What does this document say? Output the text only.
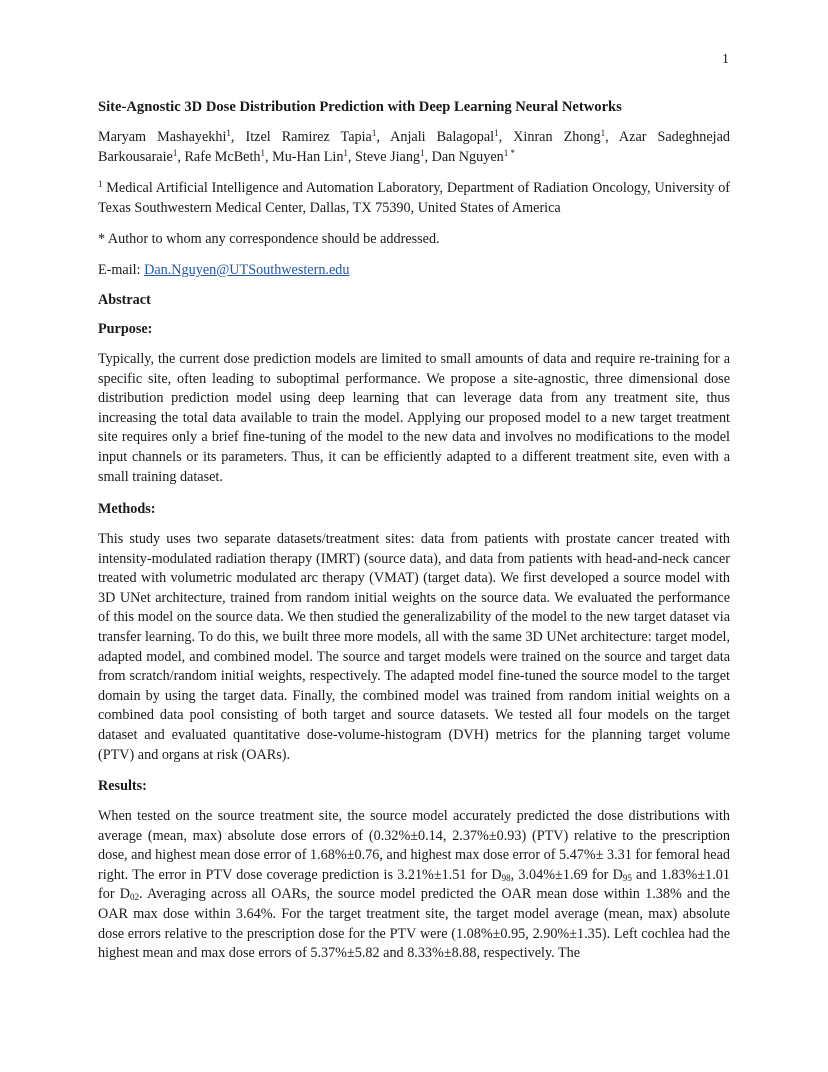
1

Site-Agnostic 3D Dose Distribution Prediction with Deep Learning Neural Networks

Maryam Mashayekhi$^1$, Itzel Ramirez Tapia$^1$, Anjali Balagopal$^1$, Xinran Zhong$^1$, Azar Sadeghnejad Barkousaraie$^1$, Rafe McBeth$^1$, Mu-Han Lin$^1$, Steve Jiang$^1$, Dan Nguyen$^{1 *}$

$^1$ Medical Artificial Intelligence and Automation Laboratory, Department of Radiation Oncology, University of Texas Southwestern Medical Center, Dallas, TX 75390, United States of America

* Author to whom any correspondence should be addressed.

E-mail: Dan.Nguyen@UTSouthwestern.edu

Abstract

Purpose:

Typically, the current dose prediction models are limited to small amounts of data and require re-training for a specific site, often leading to suboptimal performance. We propose a site-agnostic, three dimensional dose distribution prediction model using deep learning that can leverage data from any treatment site, thus increasing the total data available to train the model. Applying our proposed model to a new target treatment site requires only a brief fine-tuning of the model to the new data and involves no modifications to the model input channels or its parameters. Thus, it can be efficiently adapted to a different treatment site, even with a small training dataset.

Methods:

This study uses two separate datasets/treatment sites: data from patients with prostate cancer treated with intensity-modulated radiation therapy (IMRT) (source data), and data from patients with head-and-neck cancer treated with volumetric modulated arc therapy (VMAT) (target data). We first developed a source model with 3D UNet architecture, trained from random initial weights on the source data. We evaluated the performance of this model on the source data. We then studied the generalizability of the model to the new target dataset via transfer learning. To do this, we built three more models, all with the same 3D UNet architecture: target model, adapted model, and combined model. The source and target models were trained on the source and target data from scratch/random initial weights, respectively. The adapted model fine-tuned the source model to the target domain by using the target data. Finally, the combined model was trained from random initial weights on a combined data pool consisting of both target and source datasets. We tested all four models on the target dataset and evaluated quantitative dose-volume-histogram (DVH) metrics for the planning target volume (PTV) and organs at risk (OARs).

Results:

When tested on the source treatment site, the source model accurately predicted the dose distributions with average (mean, max) absolute dose errors of (0.32%±0.14, 2.37%±0.93) (PTV) relative to the prescription dose, and highest mean dose error of 1.68%±0.76, and highest max dose error of 5.47%± 3.31 for femoral head right. The error in PTV dose coverage prediction is 3.21%±1.51 for $D_{98}$, 3.04%±1.69 for $D_{95}$ and 1.83%±1.01 for $D_{02}$. Averaging across all OARs, the source model predicted the OAR mean dose within 1.38% and the OAR max dose within 3.64%. For the target treatment site, the target model average (mean, max) absolute dose errors relative to the prescription dose for the PTV were (1.08%±0.95, 2.90%±1.35). Left cochlea had the highest mean and max dose errors of 5.37%±5.82 and 8.33%±8.88, respectively. The
